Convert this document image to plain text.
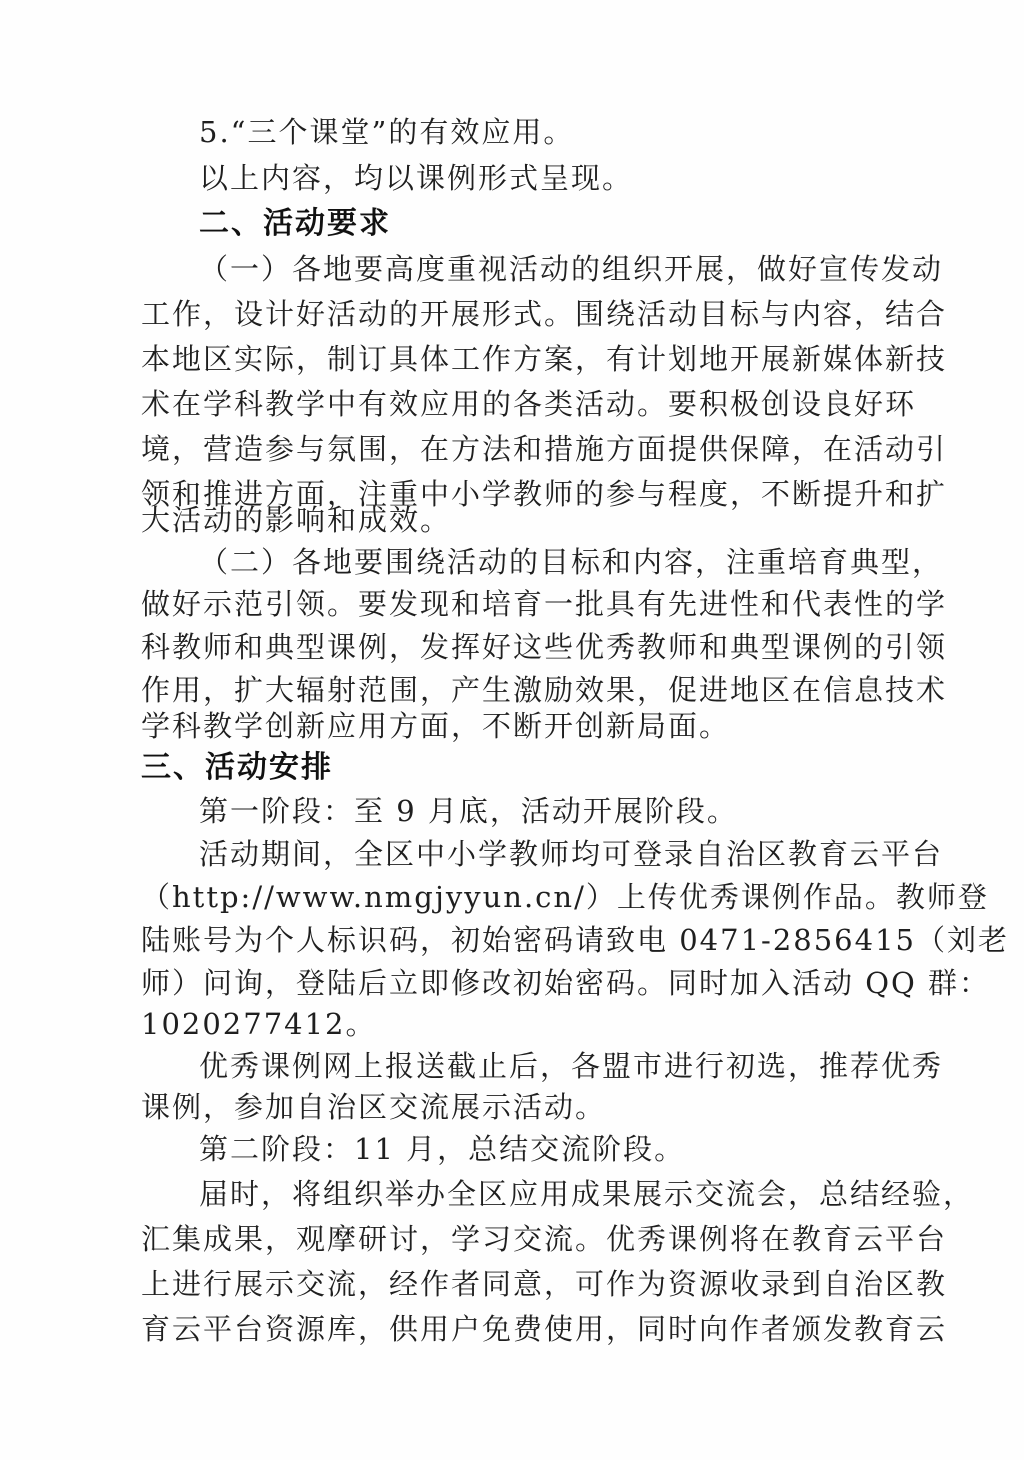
5.“三个课堂”的有效应用。
以上内容，均以课例形式呈现。
二、活动要求
（一）各地要高度重视活动的组织开展，做好宣传发动
工作，设计好活动的开展形式。围绕活动目标与内容，结合
本地区实际，制订具体工作方案，有计划地开展新媒体新技
术在学科教学中有效应用的各类活动。要积极创设良好环
境，营造参与氛围，在方法和措施方面提供保障，在活动引
领和推进方面，注重中小学教师的参与程度，不断提升和扩
大活动的影响和成效。
（二）各地要围绕活动的目标和内容，注重培育典型，
做好示范引领。要发现和培育一批具有先进性和代表性的学
科教师和典型课例，发挥好这些优秀教师和典型课例的引领
作用，扩大辐射范围，产生激励效果，促进地区在信息技术
学科教学创新应用方面，不断开创新局面。
三、活动安排
第一阶段：至 9 月底，活动开展阶段。
活动期间，全区中小学教师均可登录自治区教育云平台
（http://www.nmgjyyun.cn/）上传优秀课例作品。教师登
陆账号为个人标识码，初始密码请致电 0471-2856415（刘老
师）问询，登陆后立即修改初始密码。同时加入活动 QQ 群：
1020277412。
优秀课例网上报送截止后，各盟市进行初选，推荐优秀
课例，参加自治区交流展示活动。
第二阶段：11 月，总结交流阶段。
届时，将组织举办全区应用成果展示交流会，总结经验，
汇集成果，观摩研讨，学习交流。优秀课例将在教育云平台
上进行展示交流，经作者同意，可作为资源收录到自治区教
育云平台资源库，供用户免费使用，同时向作者颁发教育云
